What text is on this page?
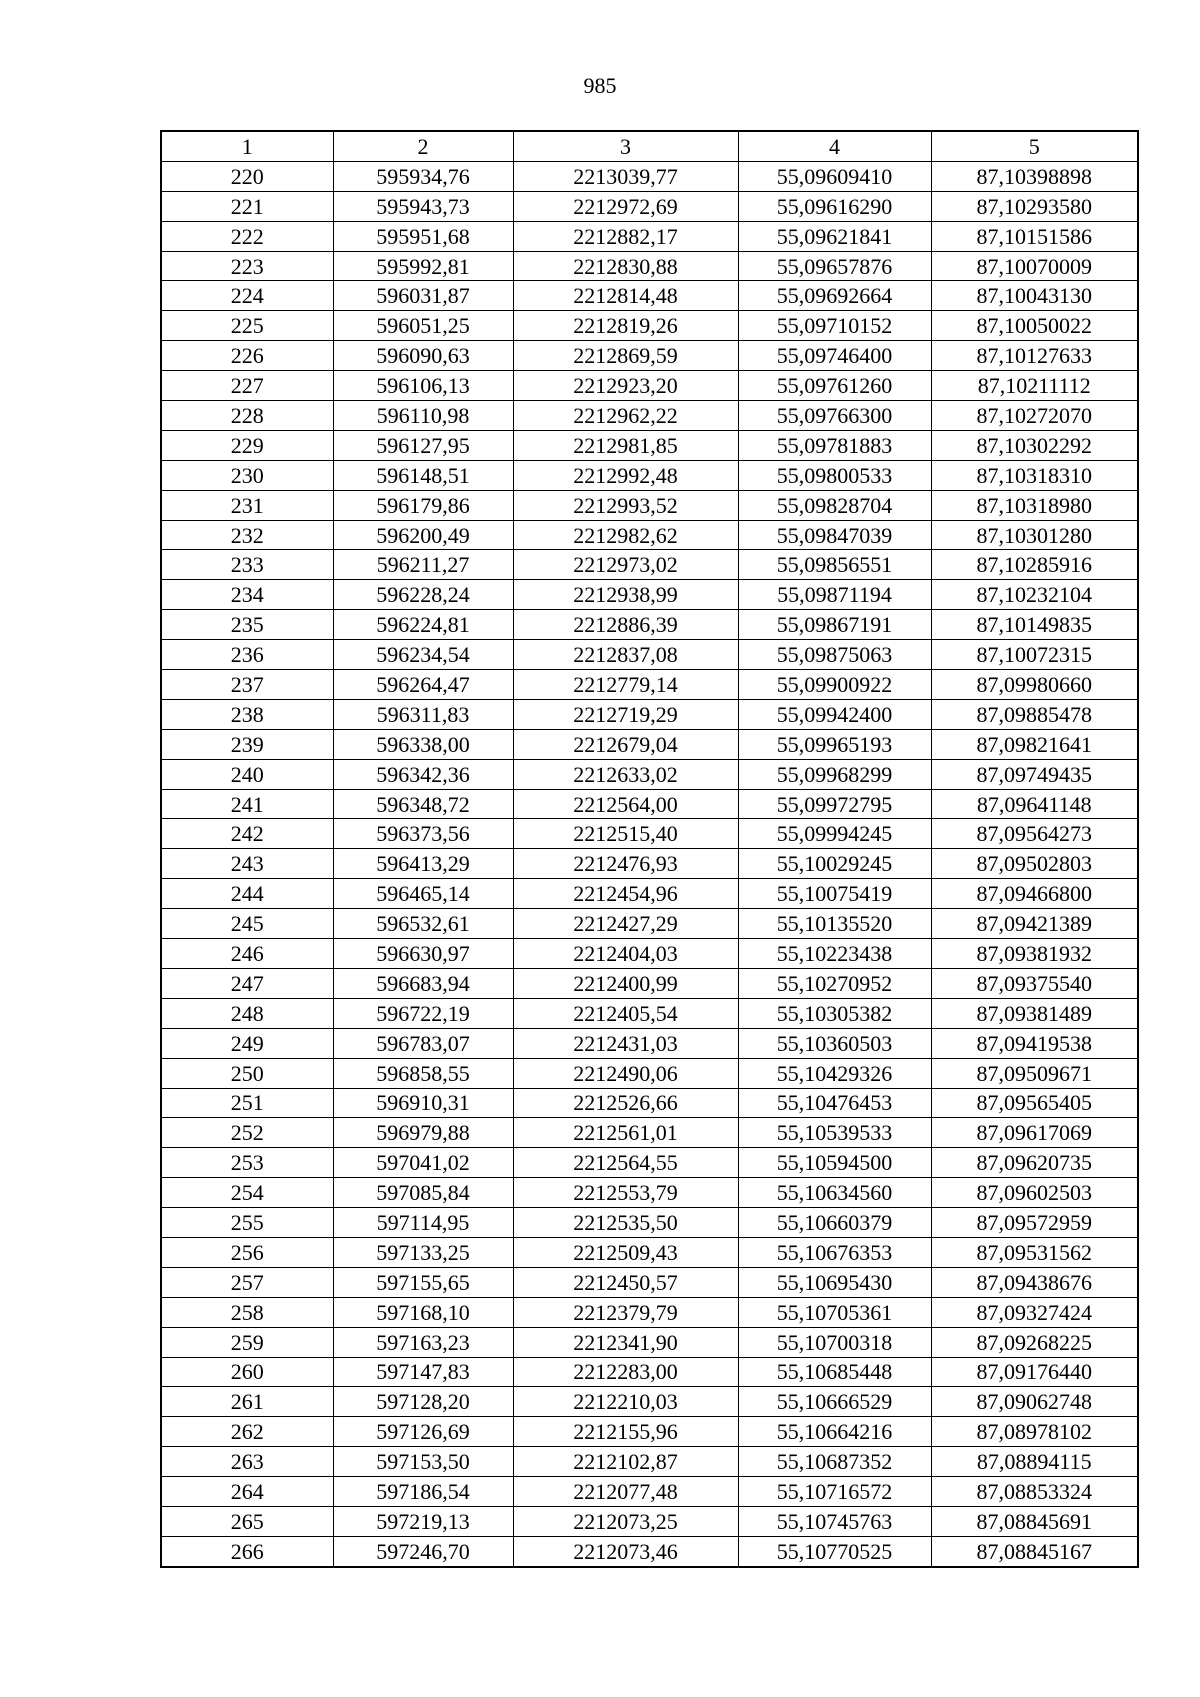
985
1	2	3	4	5
220	595934,76	2213039,77	55,09609410	87,10398898
221	595943,73	2212972,69	55,09616290	87,10293580
222	595951,68	2212882,17	55,09621841	87,10151586
223	595992,81	2212830,88	55,09657876	87,10070009
224	596031,87	2212814,48	55,09692664	87,10043130
225	596051,25	2212819,26	55,09710152	87,10050022
226	596090,63	2212869,59	55,09746400	87,10127633
227	596106,13	2212923,20	55,09761260	87,10211112
228	596110,98	2212962,22	55,09766300	87,10272070
229	596127,95	2212981,85	55,09781883	87,10302292
230	596148,51	2212992,48	55,09800533	87,10318310
231	596179,86	2212993,52	55,09828704	87,10318980
232	596200,49	2212982,62	55,09847039	87,10301280
233	596211,27	2212973,02	55,09856551	87,10285916
234	596228,24	2212938,99	55,09871194	87,10232104
235	596224,81	2212886,39	55,09867191	87,10149835
236	596234,54	2212837,08	55,09875063	87,10072315
237	596264,47	2212779,14	55,09900922	87,09980660
238	596311,83	2212719,29	55,09942400	87,09885478
239	596338,00	2212679,04	55,09965193	87,09821641
240	596342,36	2212633,02	55,09968299	87,09749435
241	596348,72	2212564,00	55,09972795	87,09641148
242	596373,56	2212515,40	55,09994245	87,09564273
243	596413,29	2212476,93	55,10029245	87,09502803
244	596465,14	2212454,96	55,10075419	87,09466800
245	596532,61	2212427,29	55,10135520	87,09421389
246	596630,97	2212404,03	55,10223438	87,09381932
247	596683,94	2212400,99	55,10270952	87,09375540
248	596722,19	2212405,54	55,10305382	87,09381489
249	596783,07	2212431,03	55,10360503	87,09419538
250	596858,55	2212490,06	55,10429326	87,09509671
251	596910,31	2212526,66	55,10476453	87,09565405
252	596979,88	2212561,01	55,10539533	87,09617069
253	597041,02	2212564,55	55,10594500	87,09620735
254	597085,84	2212553,79	55,10634560	87,09602503
255	597114,95	2212535,50	55,10660379	87,09572959
256	597133,25	2212509,43	55,10676353	87,09531562
257	597155,65	2212450,57	55,10695430	87,09438676
258	597168,10	2212379,79	55,10705361	87,09327424
259	597163,23	2212341,90	55,10700318	87,09268225
260	597147,83	2212283,00	55,10685448	87,09176440
261	597128,20	2212210,03	55,10666529	87,09062748
262	597126,69	2212155,96	55,10664216	87,08978102
263	597153,50	2212102,87	55,10687352	87,08894115
264	597186,54	2212077,48	55,10716572	87,08853324
265	597219,13	2212073,25	55,10745763	87,08845691
266	597246,70	2212073,46	55,10770525	87,08845167
